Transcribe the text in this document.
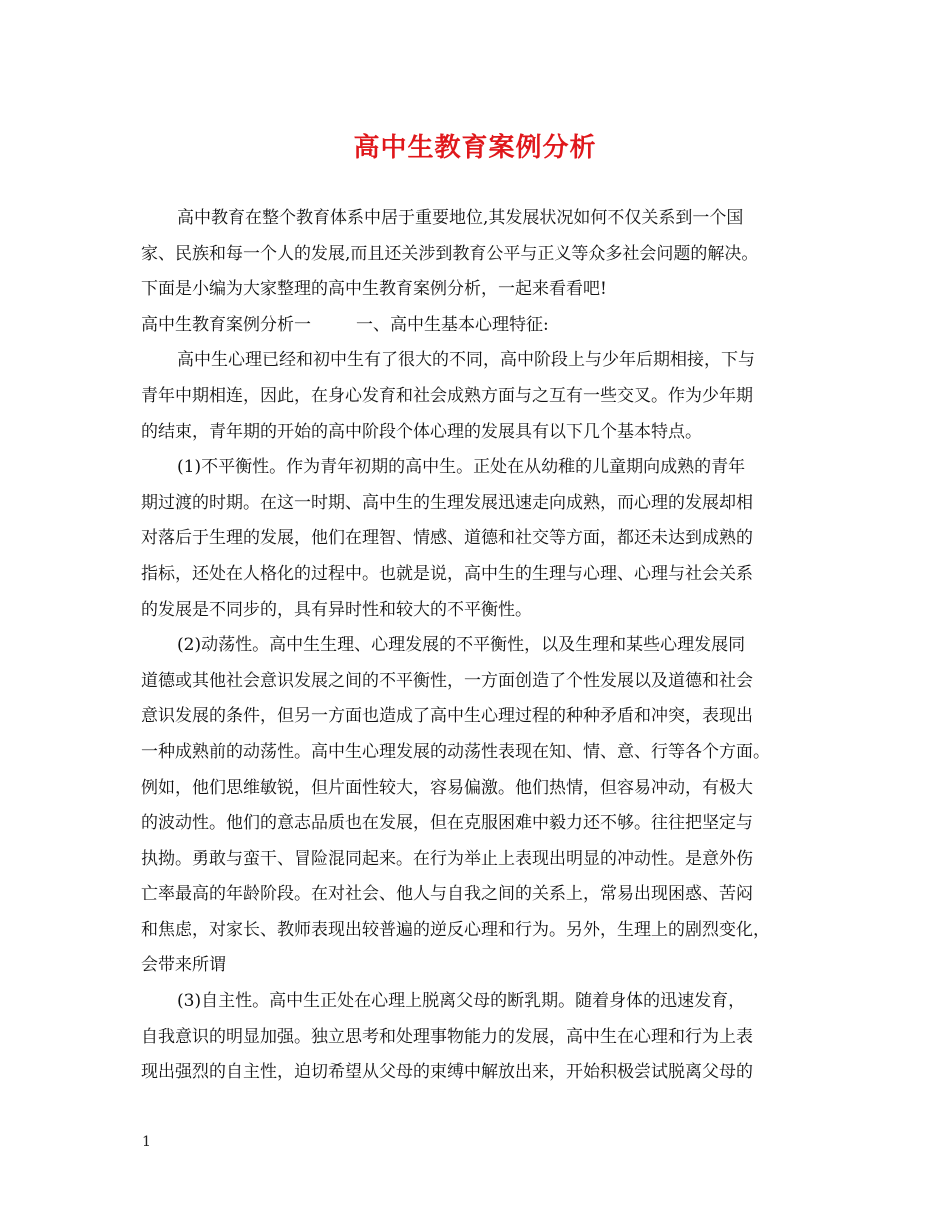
高中生教育案例分析
高中教育在整个教育体系中居于重要地位,其发展状况如何不仅关系到一个国
家、民族和每一个人的发展,而且还关涉到教育公平与正义等众多社会问题的解决。
下面是小编为大家整理的高中生教育案例分析，一起来看看吧!
高中生教育案例分析一	一、高中生基本心理特征:
高中生心理已经和初中生有了很大的不同，高中阶段上与少年后期相接，下与
青年中期相连，因此，在身心发育和社会成熟方面与之互有一些交叉。作为少年期
的结束，青年期的开始的高中阶段个体心理的发展具有以下几个基本特点。
(1)不平衡性。作为青年初期的高中生。正处在从幼稚的儿童期向成熟的青年
期过渡的时期。在这一时期、高中生的生理发展迅速走向成熟，而心理的发展却相
对落后于生理的发展，他们在理智、情感、道德和社交等方面，都还未达到成熟的
指标，还处在人格化的过程中。也就是说，高中生的生理与心理、心理与社会关系
的发展是不同步的，具有异时性和较大的不平衡性。
(2)动荡性。高中生生理、心理发展的不平衡性，以及生理和某些心理发展同
道德或其他社会意识发展之间的不平衡性，一方面创造了个性发展以及道德和社会
意识发展的条件，但另一方面也造成了高中生心理过程的种种矛盾和冲突，表现出
一种成熟前的动荡性。高中生心理发展的动荡性表现在知、情、意、行等各个方面。
例如，他们思维敏锐，但片面性较大，容易偏激。他们热情，但容易冲动，有极大
的波动性。他们的意志品质也在发展，但在克服困难中毅力还不够。往往把坚定与
执拗。勇敢与蛮干、冒险混同起来。在行为举止上表现出明显的冲动性。是意外伤
亡率最高的年龄阶段。在对社会、他人与自我之间的关系上，常易出现困惑、苦闷
和焦虑，对家长、教师表现出较普遍的逆反心理和行为。另外，生理上的剧烈变化，
会带来所谓
(3)自主性。高中生正处在心理上脱离父母的断乳期。随着身体的迅速发育，
自我意识的明显加强。独立思考和处理事物能力的发展，高中生在心理和行为上表
现出强烈的自主性，迫切希望从父母的束缚中解放出来，开始积极尝试脱离父母的
1
